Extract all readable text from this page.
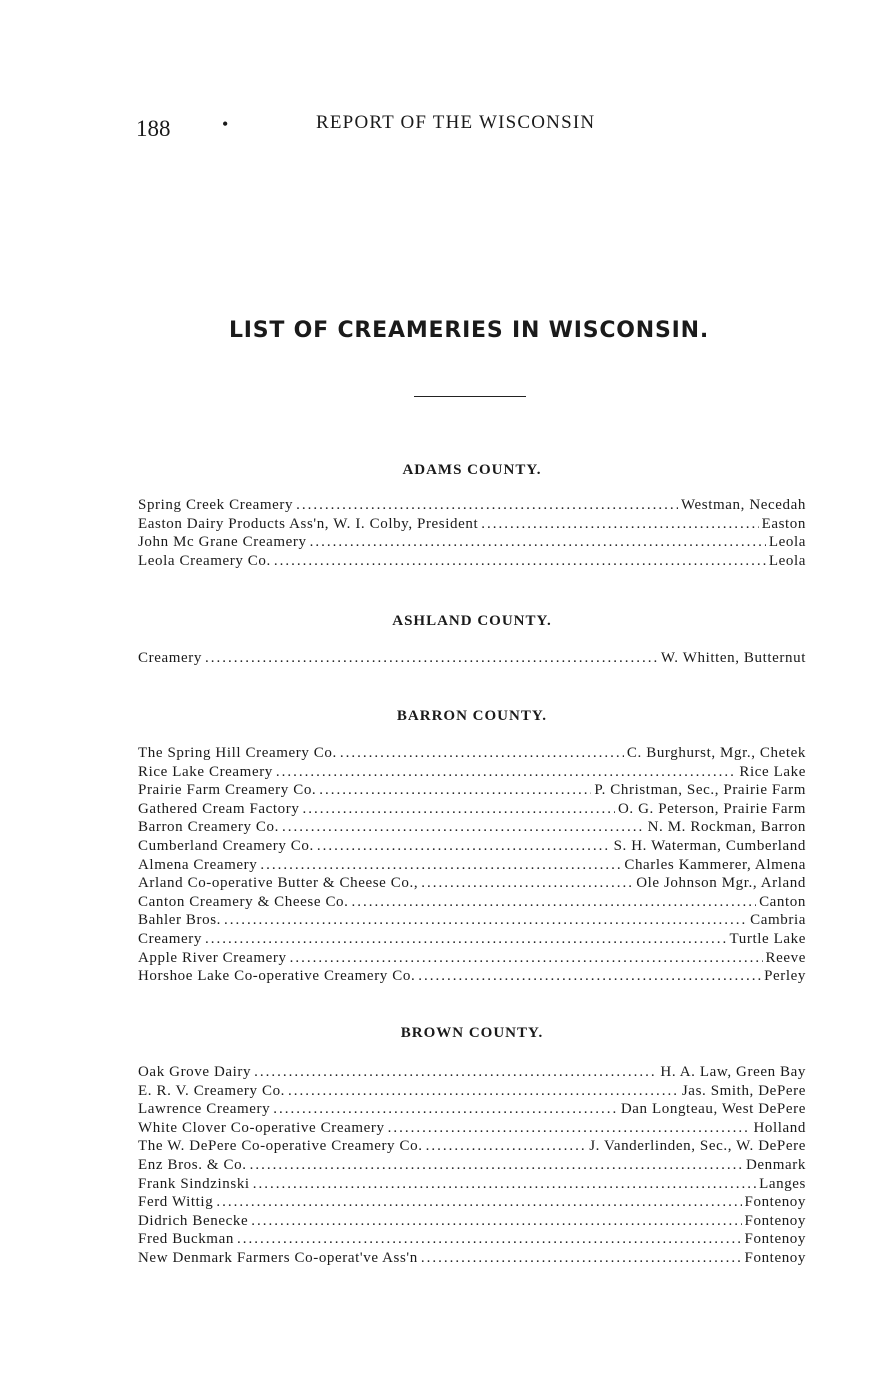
188	•	REPORT OF THE WISCONSIN
LIST OF CREAMERIES IN WISCONSIN.
ADAMS COUNTY.
Spring Creek Creamery .....	Westman, Necedah
Easton Dairy Products Ass'n, W. I. Colby, President .....	Easton
John Mc Grane Creamery .....	Leola
Leola Creamery Co. .....	Leola
ASHLAND COUNTY.
Creamery .....	W. Whitten, Butternut
BARRON COUNTY.
The Spring Hill Creamery Co. .....	C. Burghurst, Mgr., Chetek
Rice Lake Creamery .....	Rice Lake
Prairie Farm Creamery Co. .....	P. Christman, Sec., Prairie Farm
Gathered Cream Factory .....	O. G. Peterson, Prairie Farm
Barron Creamery Co. .....	N. M. Rockman, Barron
Cumberland Creamery Co. .....	S. H. Waterman, Cumberland
Almena Creamery .....	Charles Kammerer, Almena
Arland Co-operative Butter & Cheese Co., .....	Ole Johnson Mgr., Arland
Canton Creamery & Cheese Co. .....	Canton
Bahler Bros. .....	Cambria
Creamery .....	Turtle Lake
Apple River Creamery .....	Reeve
Horshoe Lake Co-operative Creamery Co. .....	Perley
BROWN COUNTY.
Oak Grove Dairy .....	H. A. Law, Green Bay
E. R. V. Creamery Co. .....	Jas. Smith, DePere
Lawrence Creamery .....	Dan Longteau, West DePere
White Clover Co-operative Creamery .....	Holland
The W. DePere Co-operative Creamery Co. .....	J. Vanderlinden, Sec., W. DePere
Enz Bros. & Co. .....	Denmark
Frank Sindzinski .....	Langes
Ferd Wittig .....	Fontenoy
Didrich Benecke .....	Fontenoy
Fred Buckman .....	Fontenoy
New Denmark Farmers Co-operat've Ass'n .....	Fontenoy
